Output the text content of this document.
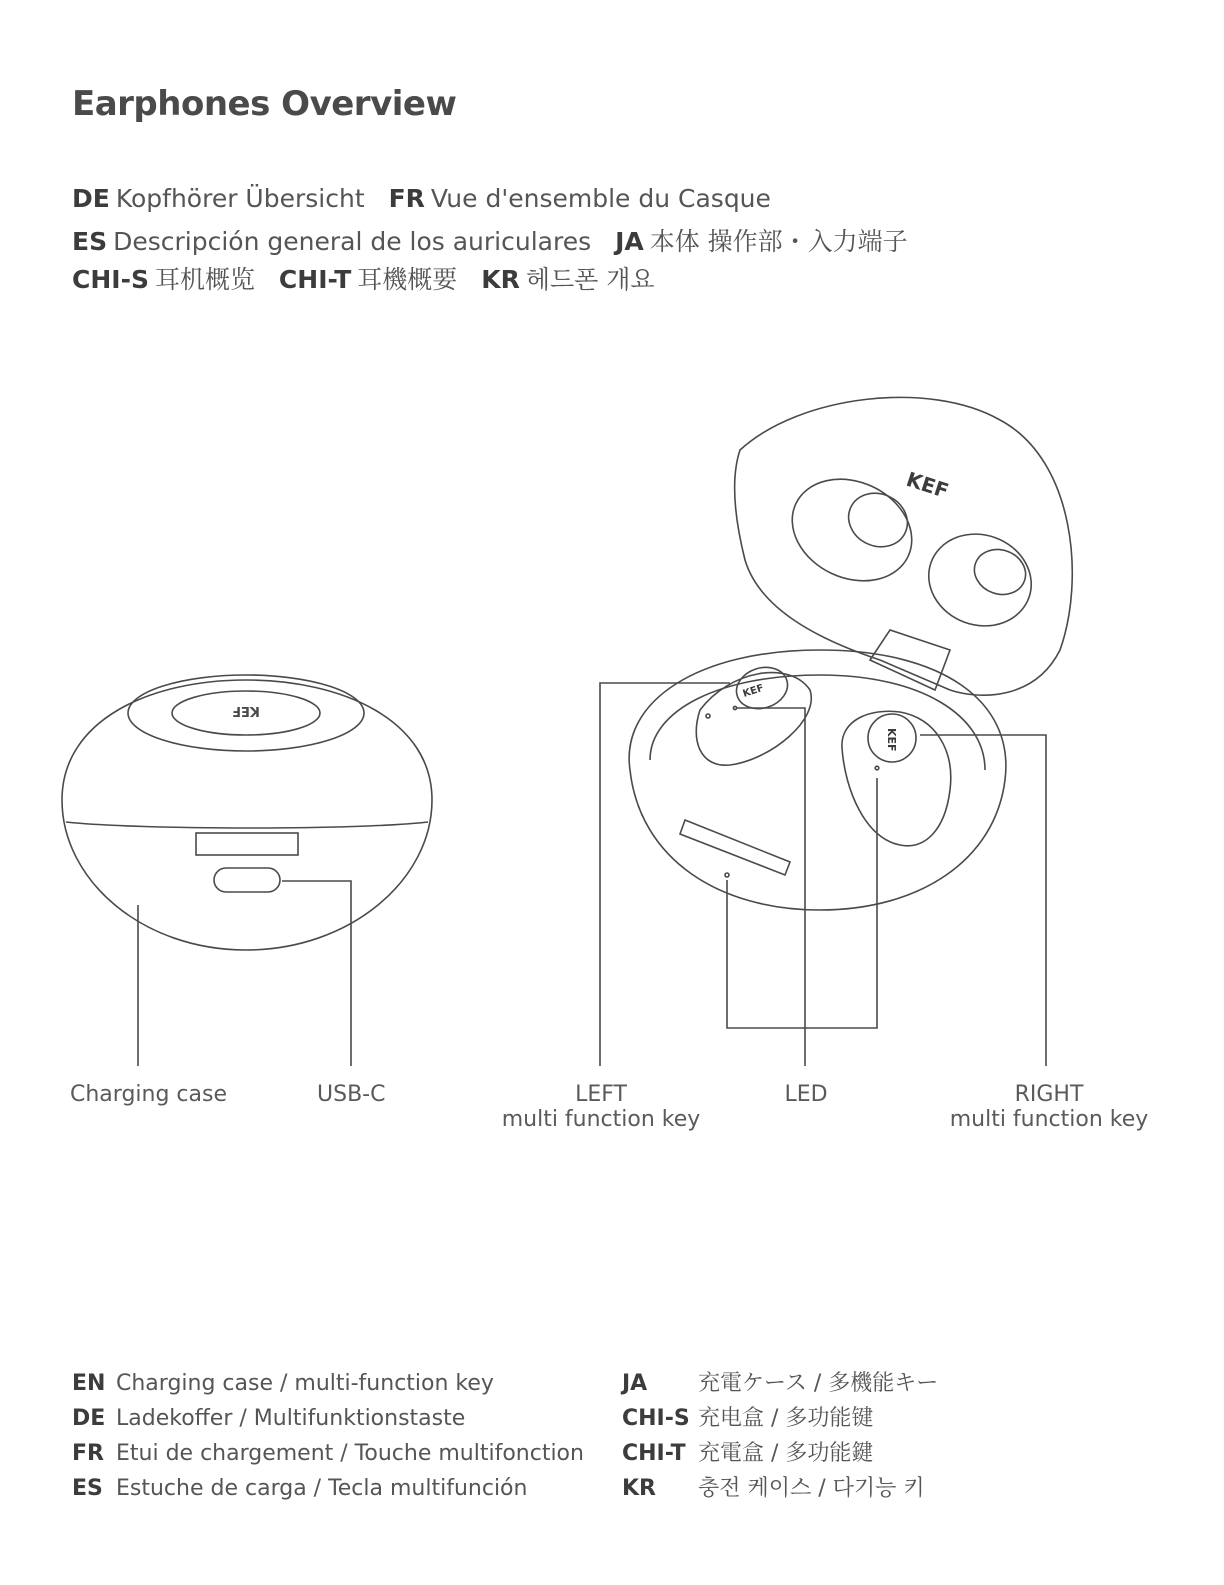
Earphones Overview
DE Kopfhörer Übersicht FR Vue d'ensemble du Casque
ES Descripción general de los auriculares JA 本体 操作部・入力端子
CHI-S 耳机概览 CHI-T 耳機概要 KR 헤드폰 개요
KEF
KEF
KEF
KEF
Charging case	USB-C	LEFT
multi function key
LED	RIGHT
multi function key
EN Charging case / multi-function key
DE Ladekoffer / Multifunktionstaste
FR Etui de chargement / Touche multifonction
ES Estuche de carga / Tecla multifunción
JA 充電ケース / 多機能キー
CHI-S 充电盒 / 多功能键
CHI-T 充電盒 / 多功能鍵
KR 충전 케이스 / 다기능 키
